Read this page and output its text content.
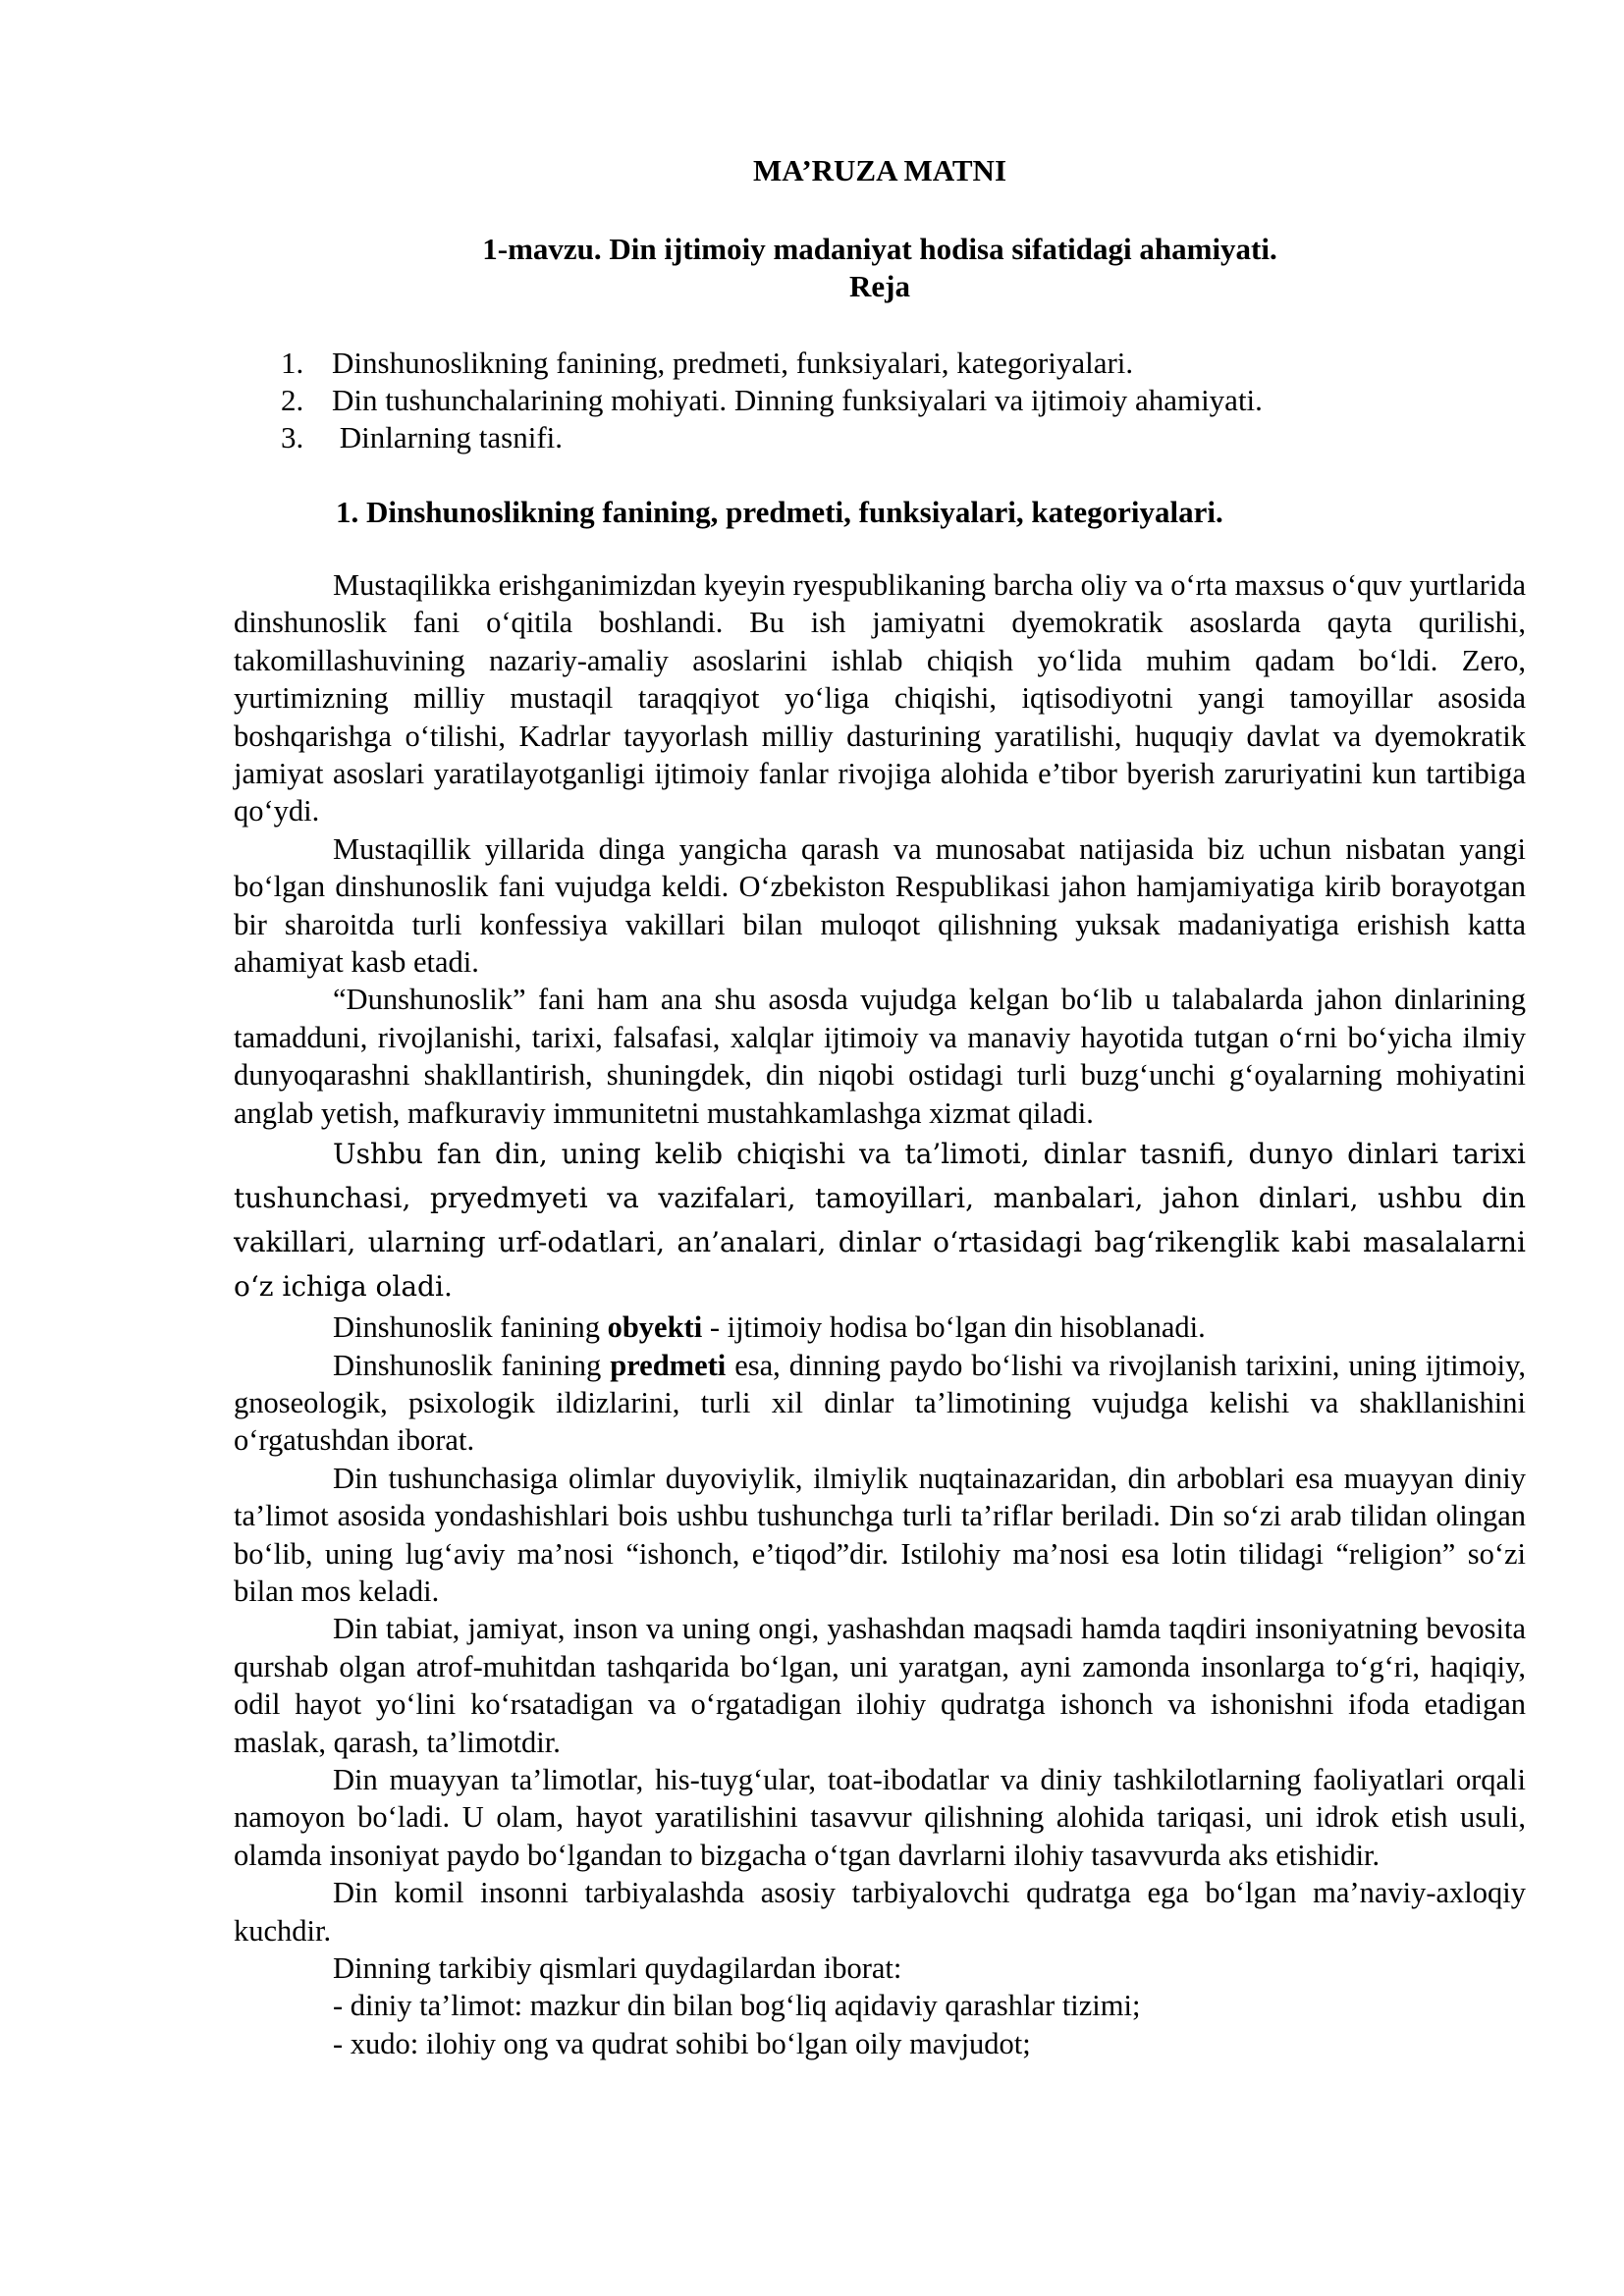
MA’RUZA MATNI
1-mavzu. Din ijtimoiy madaniyat hodisa sifatidagi ahamiyati.
Reja
1. Dinshunoslikning fanining, predmeti, funksiyalari, kategoriyalari.
2. Din tushunchalarining mohiyati. Dinning funksiyalari va ijtimoiy ahamiyati.
3. Dinlarning tasnifi.
1. Dinshunoslikning fanining, predmeti, funksiyalari, kategoriyalari.

Mustaqilikka erishganimizdan kyeyin ryespublikaning barcha oliy va o‘rta maxsus o‘quv yurtlarida dinshunoslik fani o‘qitila boshlandi. Bu ish jamiyatni dyemokratik asoslarda qayta qurilishi, takomillashuvining nazariy-amaliy asoslarini ishlab chiqish yo‘lida muhim qadam bo‘ldi. Zero, yurtimizning milliy mustaqil taraqqiyot yo‘liga chiqishi, iqtisodiyotni yangi tamoyillar asosida boshqarishga o‘tilishi, Kadrlar tayyorlash milliy dasturining yaratilishi, huquqiy davlat va dyemokratik jamiyat asoslari yaratilayotganligi ijtimoiy fanlar rivojiga alohida e’tibor byerish zaruriyatini kun tartibiga qo‘ydi.

Mustaqillik yillarida dinga yangicha qarash va munosabat natijasida biz uchun nisbatan yangi bo‘lgan dinshunoslik fani vujudga keldi. O‘zbekiston Respublikasi jahon hamjamiyatiga kirib borayotgan bir sharoitda turli konfessiya vakillari bilan muloqot qilishning yuksak madaniyatiga erishish katta ahamiyat kasb etadi.

“Dunshunoslik” fani ham ana shu asosda vujudga kelgan bo‘lib u talabalarda jahon dinlarining tamadduni, rivojlanishi, tarixi, falsafasi, xalqlar ijtimoiy va manaviy hayotida tutgan o‘rni bo‘yicha ilmiy dunyoqarashni shakllantirish, shuningdek, din niqobi ostidagi turli buzg‘unchi g‘oyalarning mohiyatini anglab yetish, mafkuraviy immunitetni mustahkamlashga xizmat qiladi.

Ushbu fan din, uning kelib chiqishi va ta’limoti, dinlar tasnifi, dunyo dinlari tarixi tushunchasi, pryedmyeti va vazifalari, tamoyillari, manbalari, jahon dinlari, ushbu din vakillari, ularning urf-odatlari, an’analari, dinlar o‘rtasidagi bag‘rikenglik kabi masalalarni o‘z ichiga oladi.

Dinshunoslik fanining obyekti - ijtimoiy hodisa bo‘lgan din hisoblanadi.

Dinshunoslik fanining predmeti esa, dinning paydo bo‘lishi va rivojlanish tarixini, uning ijtimoiy, gnoseologik, psixologik ildizlarini, turli xil dinlar ta’limotining vujudga kelishi va shakllanishini o‘rgatushdan iborat.

Din tushunchasiga olimlar duyoviylik, ilmiylik nuqtainazaridan, din arboblari esa muayyan diniy ta’limot asosida yondashishlari bois ushbu tushunchga turli ta’riflar beriladi. Din so‘zi arab tilidan olingan bo‘lib, uning lug‘aviy ma’nosi “ishonch, e’tiqod”dir. Istilohiy ma’nosi esa lotin tilidagi “religion” so‘zi bilan mos keladi.

Din tabiat, jamiyat, inson va uning ongi, yashashdan maqsadi hamda taqdiri insoniyatning bevosita qurshab olgan atrof-muhitdan tashqarida bo‘lgan, uni yaratgan, ayni zamonda insonlarga to‘g‘ri, haqiqiy, odil hayot yo‘lini ko‘rsatadigan va o‘rgatadigan ilohiy qudratga ishonch va ishonishni ifoda etadigan maslak, qarash, ta’limotdir.

Din muayyan ta’limotlar, his-tuyg‘ular, toat-ibodatlar va diniy tashkilotlarning faoliyatlari orqali namoyon bo‘ladi. U olam, hayot yaratilishini tasavvur qilishning alohida tariqasi, uni idrok etish usuli, olamda insoniyat paydo bo‘lgandan to bizgacha o‘tgan davrlarni ilohiy tasavvurda aks etishidir.

Din komil insonni tarbiyalashda asosiy tarbiyalovchi qudratga ega bo‘lgan ma’naviy-axloqiy kuchdir.

Dinning tarkibiy qismlari quydagilardan iborat:

- diniy ta’limot: mazkur din bilan bog‘liq aqidaviy qarashlar tizimi;

- xudo: ilohiy ong va qudrat sohibi bo‘lgan oily mavjudot;
